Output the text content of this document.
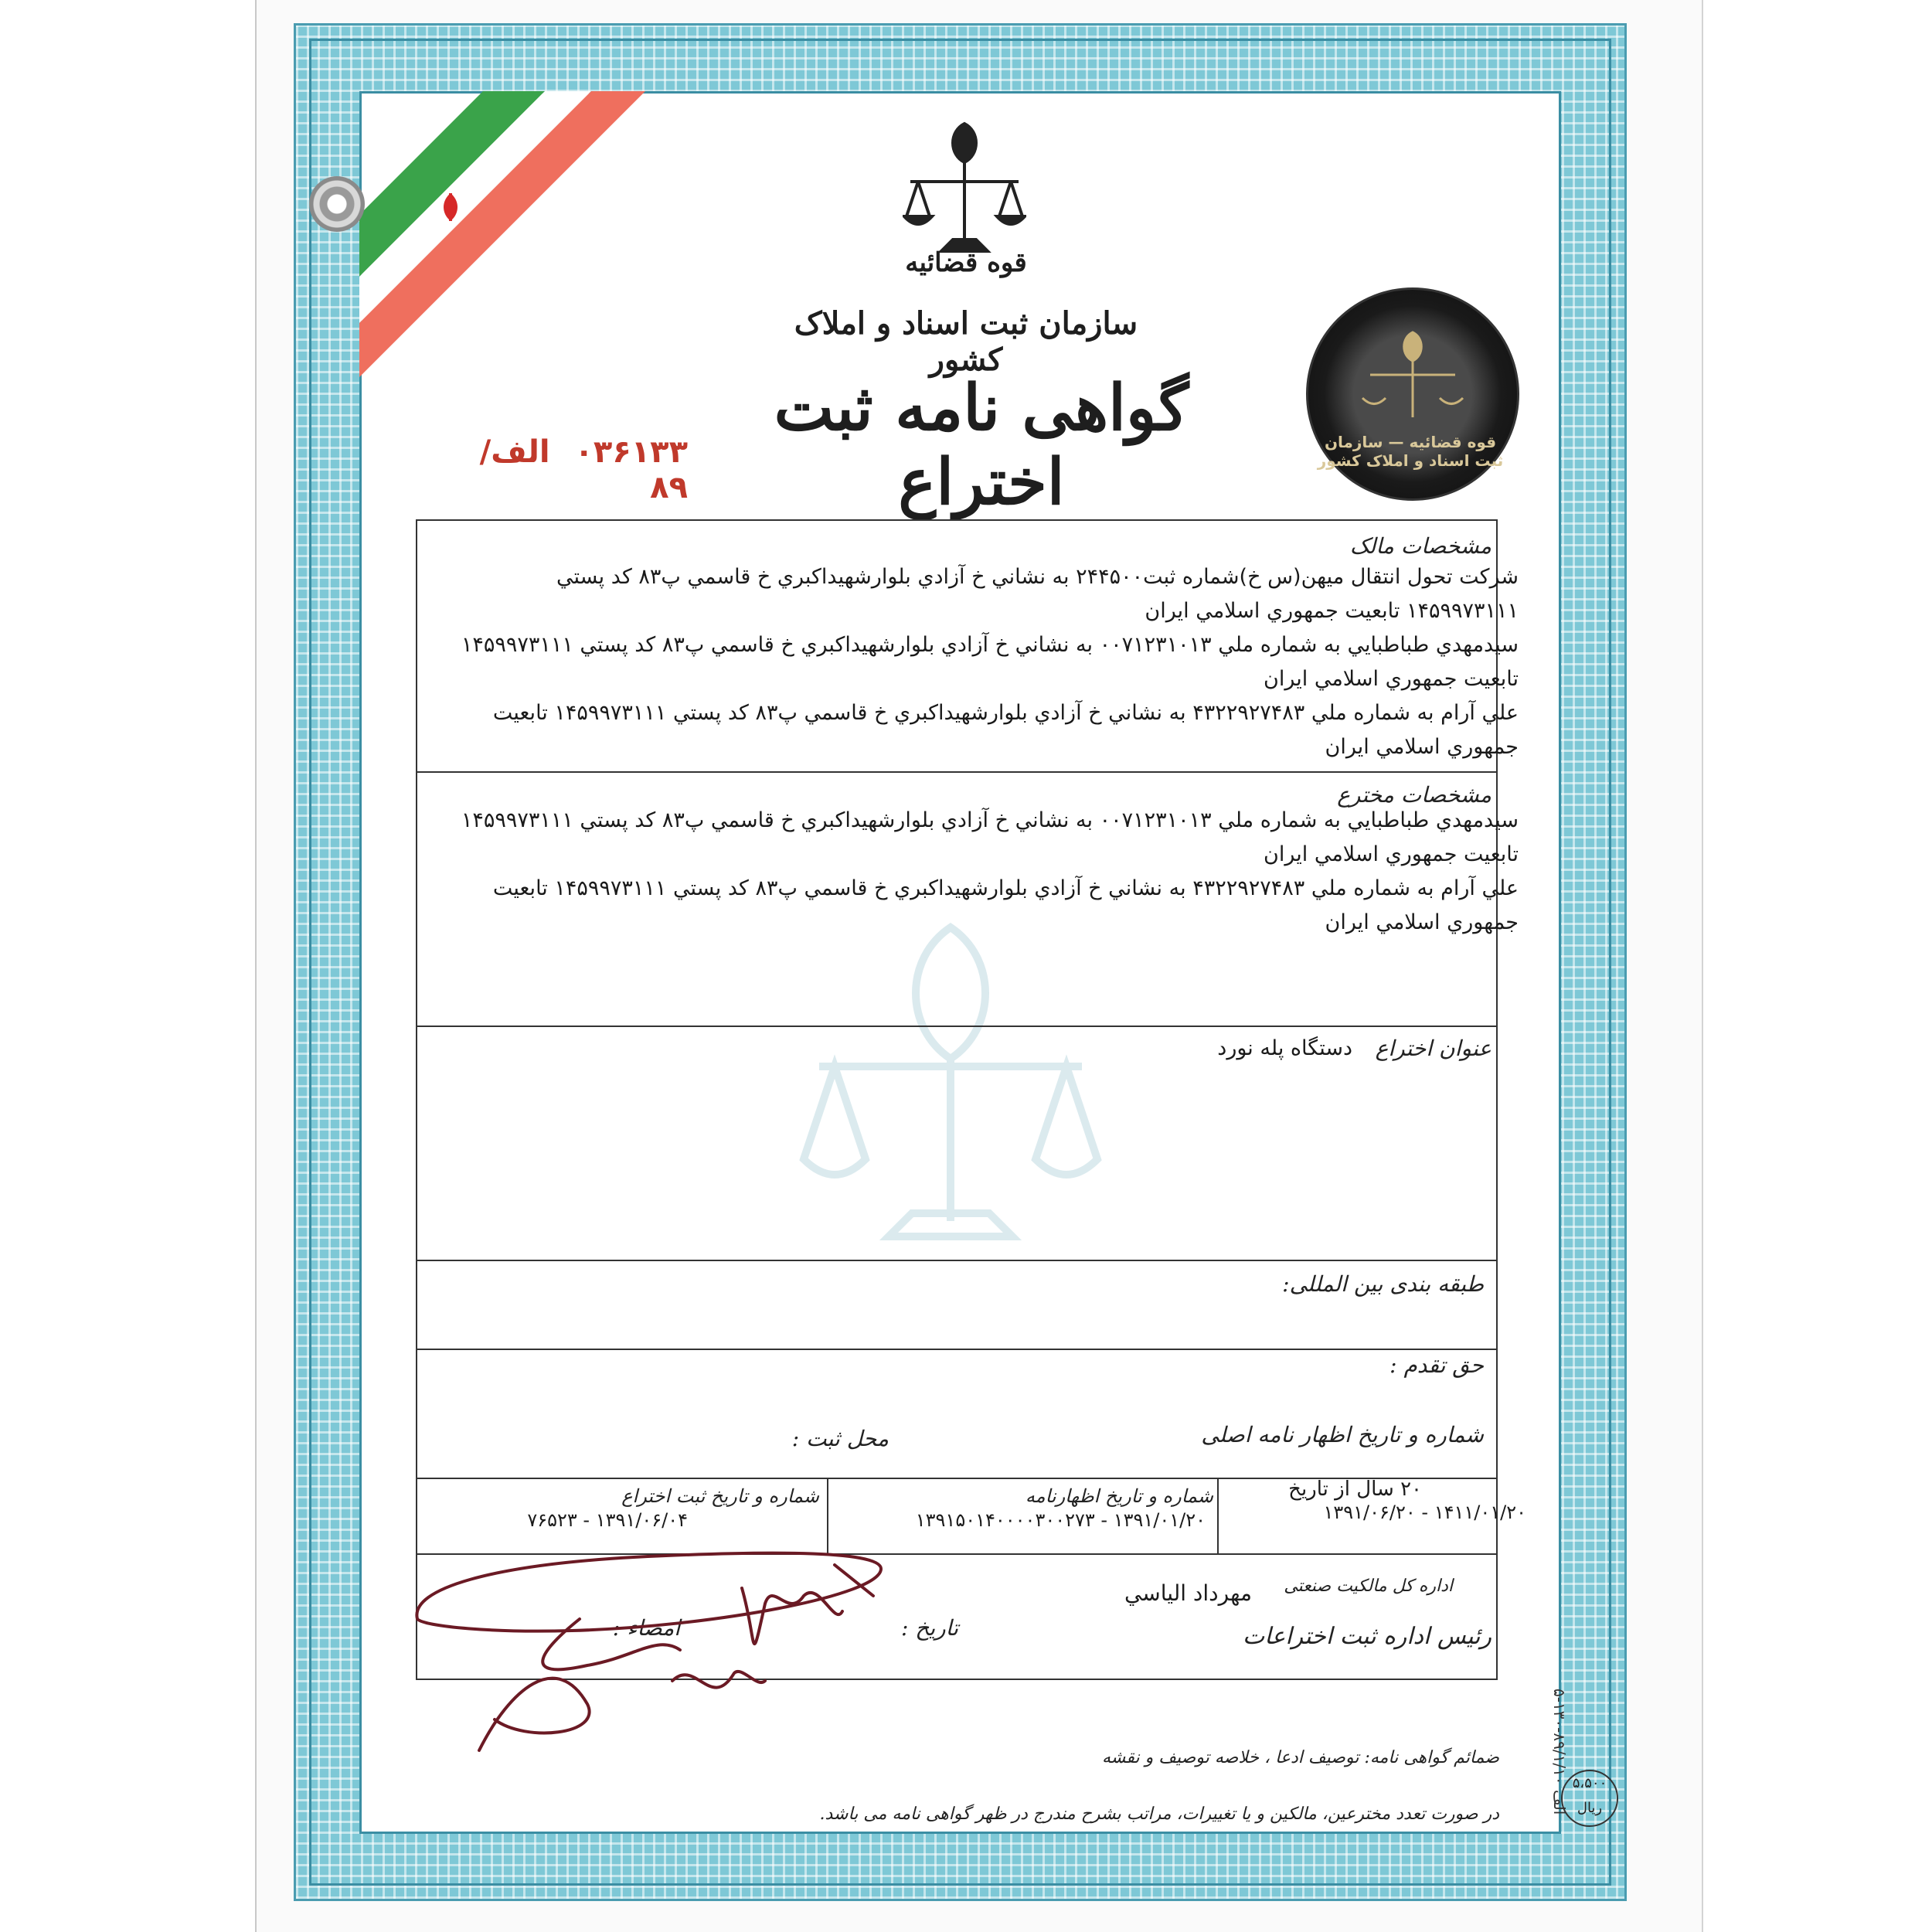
قوه قضائیه
سازمان ثبت اسناد و املاک کشور
گواهی نامه ثبت اختراع
۰۳۶۱۳۳ الف/ ۸۹
قوه قضائیه — سازمان ثبت اسناد و املاک کشور
مشخصات مالک

شرکت تحول انتقال میهن(س خ)شماره ثبت۲۴۴۵۰۰ به نشاني خ آزادي بلوارشهيداكبري خ قاسمي پ۸۳ كد پستي

۱۴۵۹۹۷۳۱۱۱ تابعيت جمهوري اسلامي ايران

سيدمهدي طباطبايي به شماره ملي ۰۰۷۱۲۳۱۰۱۳ به نشاني خ آزادي بلوارشهيداكبري خ قاسمي پ۸۳ كد پستي ۱۴۵۹۹۷۳۱۱۱

تابعيت جمهوري اسلامي ايران

علي آرام به شماره ملي ۴۳۲۲۹۲۷۴۸۳ به نشاني خ آزادي بلوارشهيداكبري خ قاسمي پ۸۳ كد پستي ۱۴۵۹۹۷۳۱۱۱ تابعيت

جمهوري اسلامي ايران

مشخصات مخترع

سيدمهدي طباطبايي به شماره ملي ۰۰۷۱۲۳۱۰۱۳ به نشاني خ آزادي بلوارشهيداكبري خ قاسمي پ۸۳ كد پستي ۱۴۵۹۹۷۳۱۱۱

تابعيت جمهوري اسلامي ايران

علي آرام به شماره ملي ۴۳۲۲۹۲۷۴۸۳ به نشاني خ آزادي بلوارشهيداكبري خ قاسمي پ۸۳ كد پستي ۱۴۵۹۹۷۳۱۱۱ تابعيت

جمهوري اسلامي ايران

عنوان اختراع
دستگاه پله نورد
طبقه بندی بین المللی:
حق تقدم :
شماره و تاریخ اظهار نامه اصلی
محل ثبت :
۲۰ سال از تاریخ
۱۴۱۱/۰۱/۲۰ - ۱۳۹۱/۰۶/۲۰
شماره و تاریخ اظهارنامه
۱۳۹۱/۰۱/۲۰ - ۱۳۹۱۵۰۱۴۰۰۰۰۳۰۰۲۷۳
شماره و تاریخ ثبت اختراع
۱۳۹۱/۰۶/۰۴ - ۷۶۵۲۳
اداره کل مالکیت صنعتی
مهرداد الياسي
رئیس اداره ثبت اختراعات
تاریخ :
امضاء :
ضمائم گواهی نامه: توصیف ادعا ، خلاصه توصیف و نقشه
در صورت تعدد مخترعین، مالکین و یا تغییرات، مراتب بشرح مندرج در ظهر گواهی نامه می باشد.
۵-۱۳۰-الف ۸۹/۱/۱۰
۵،۵۰۰ ریال
